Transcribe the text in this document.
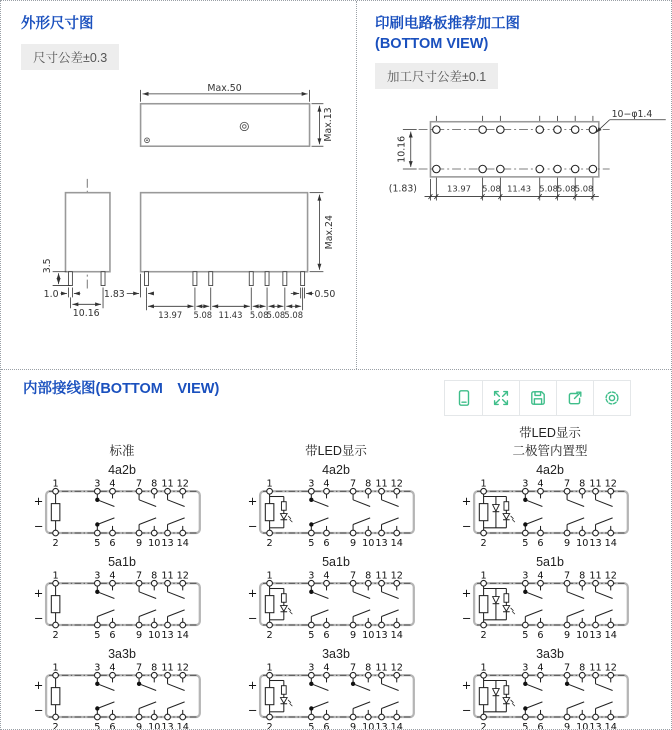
外形尺寸图
尺寸公差±0.3
Max.50
Max.13
3.5
1.0
10.16
Max.24
1.83
13.97 5.08 11.43 5.08
5.08 5.08
0.50
印刷电路板推荐加工图
(BOTTOM VIEW)
加工尺寸公差±0.1
10.16
(1.83)	13.97 5.08 11.43 5.08 5.08 5.08
10−φ1.4
内部接线图(BOTTOM　VIEW)
标准
4a2b
+
−
1	3 4 7 8 11 12
2	5 6 9 10 13 14
5a1b
+
−
1	3 4 7 8 11 12
2	5 6 9 10 13 14
3a3b
+
−
1	3 4 7 8 11 12
2	5 6 9 10 13 14
带LED显示
4a2b
+
−
1	3 4 7 8 11 12
2	5 6 9 10 13 14
5a1b
+
−
1	3 4 7 8 11 12
2	5 6 9 10 13 14
3a3b
+
−
1	3 4 7 8 11 12
2	5 6 9 10 13 14
带LED显示
二极管内置型
4a2b
+
−
1	3 4 7 8 11 12
2	5 6 9 10 13 14
5a1b
+
−
1	3 4 7 8 11 12
2	5 6 9 10 13 14
3a3b
+
−
1	3 4 7 8 11 12
2	5 6 9 10 13 14
